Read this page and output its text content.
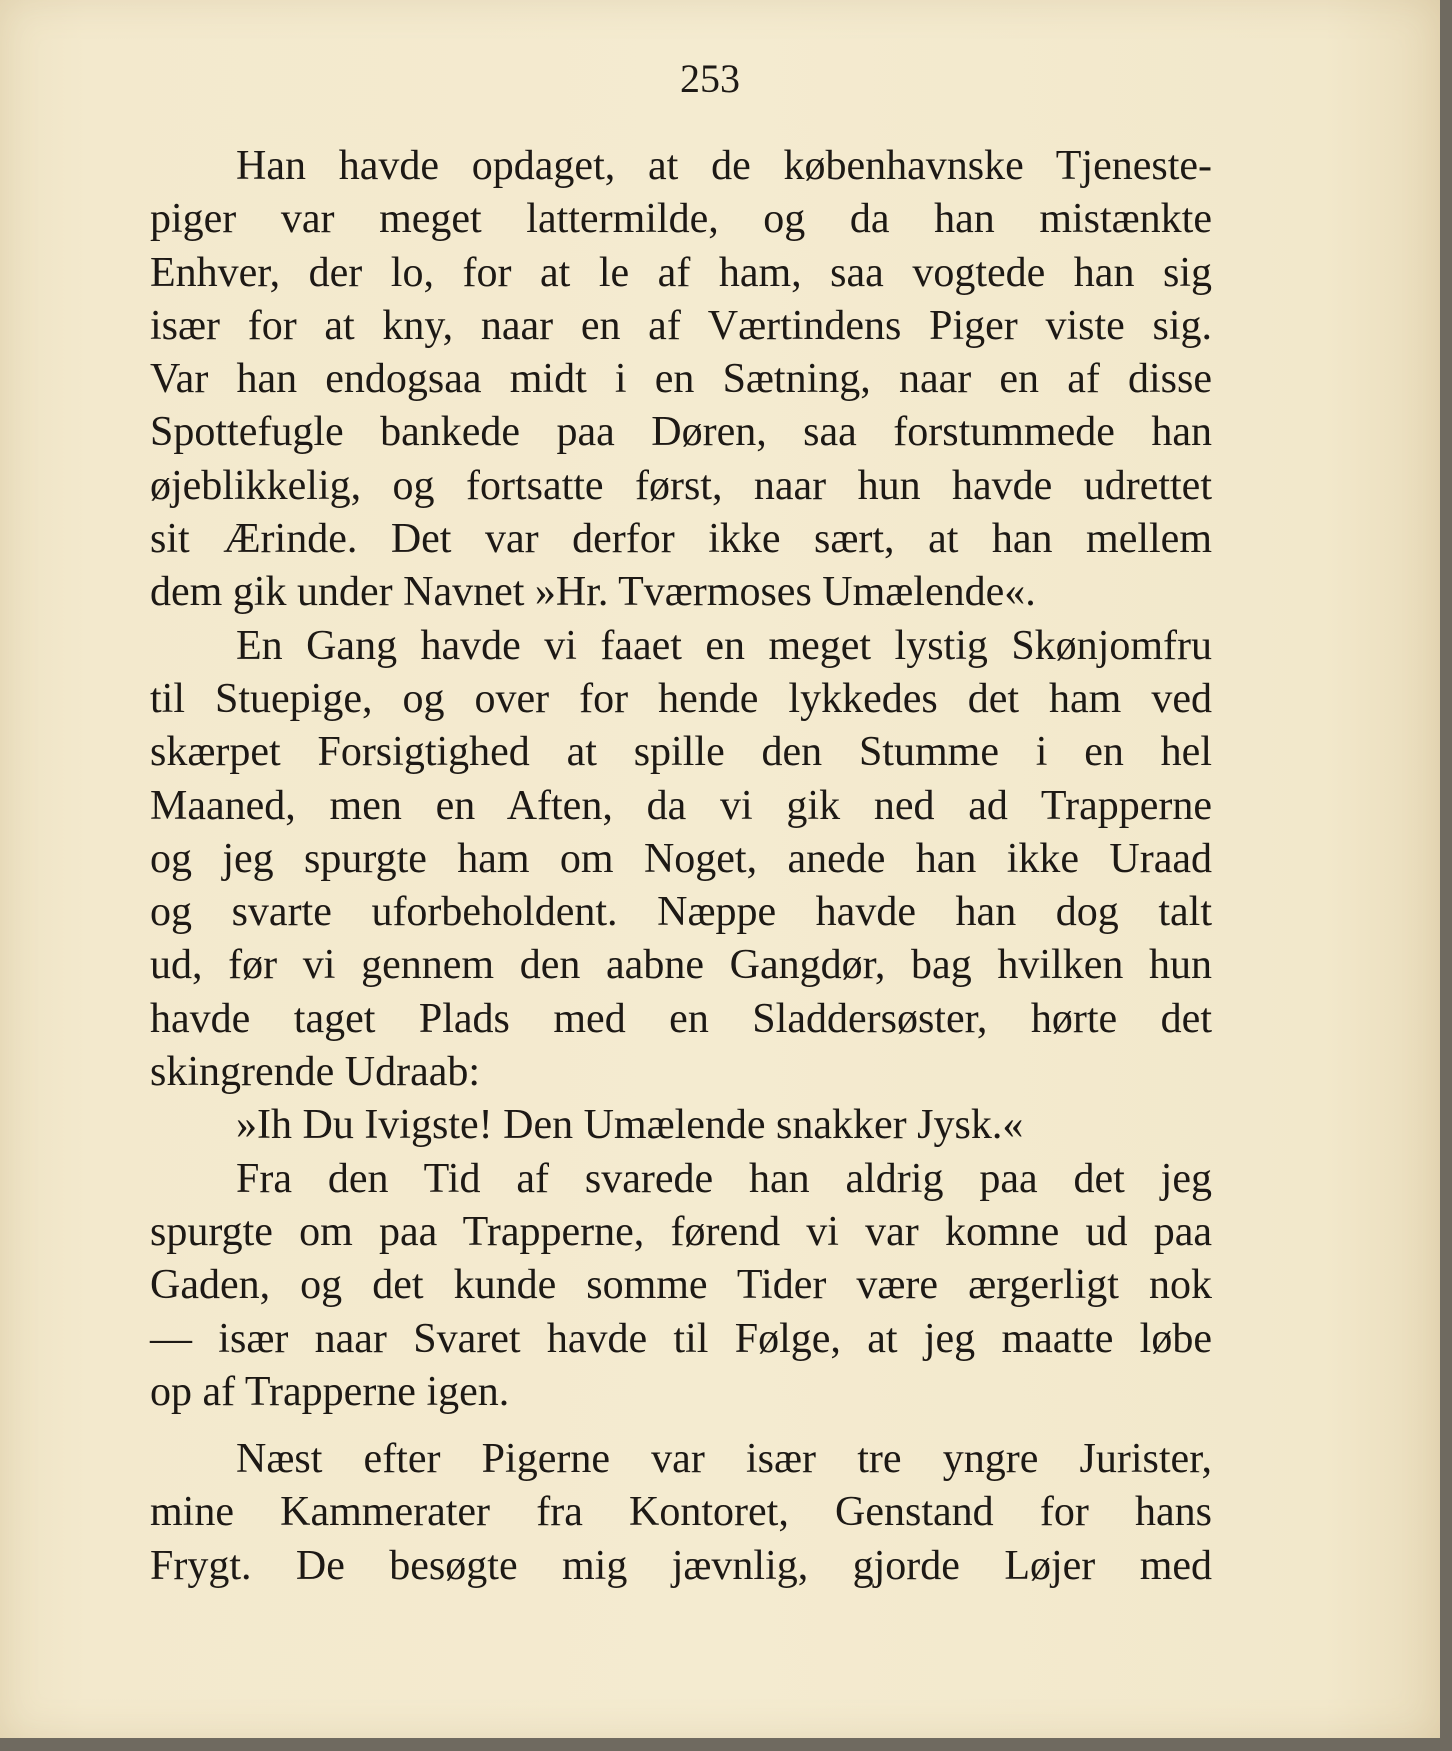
253
Han havde opdaget, at de københavnske Tjeneste-
piger var meget lattermilde, og da han mistænkte
Enhver, der lo, for at le af ham, saa vogtede han sig
især for at kny, naar en af Værtindens Piger viste sig.
Var han endogsaa midt i en Sætning, naar en af disse
Spottefugle bankede paa Døren, saa forstummede han
øjeblikkelig, og fortsatte først, naar hun havde udrettet
sit Ærinde. Det var derfor ikke sært, at han mellem
dem gik under Navnet »Hr. Tværmoses Umælende«.
En Gang havde vi faaet en meget lystig Skønjomfru
til Stuepige, og over for hende lykkedes det ham ved
skærpet Forsigtighed at spille den Stumme i en hel
Maaned, men en Aften, da vi gik ned ad Trapperne
og jeg spurgte ham om Noget, anede han ikke Uraad
og svarte uforbeholdent. Næppe havde han dog talt
ud, før vi gennem den aabne Gangdør, bag hvilken hun
havde taget Plads med en Sladdersøster, hørte det
skingrende Udraab:
»Ih Du Ivigste! Den Umælende snakker Jysk.«
Fra den Tid af svarede han aldrig paa det jeg
spurgte om paa Trapperne, førend vi var komne ud paa
Gaden, og det kunde somme Tider være ærgerligt nok
— især naar Svaret havde til Følge, at jeg maatte løbe
op af Trapperne igen.
Næst efter Pigerne var især tre yngre Jurister,
mine Kammerater fra Kontoret, Genstand for hans
Frygt. De besøgte mig jævnlig, gjorde Løjer med
